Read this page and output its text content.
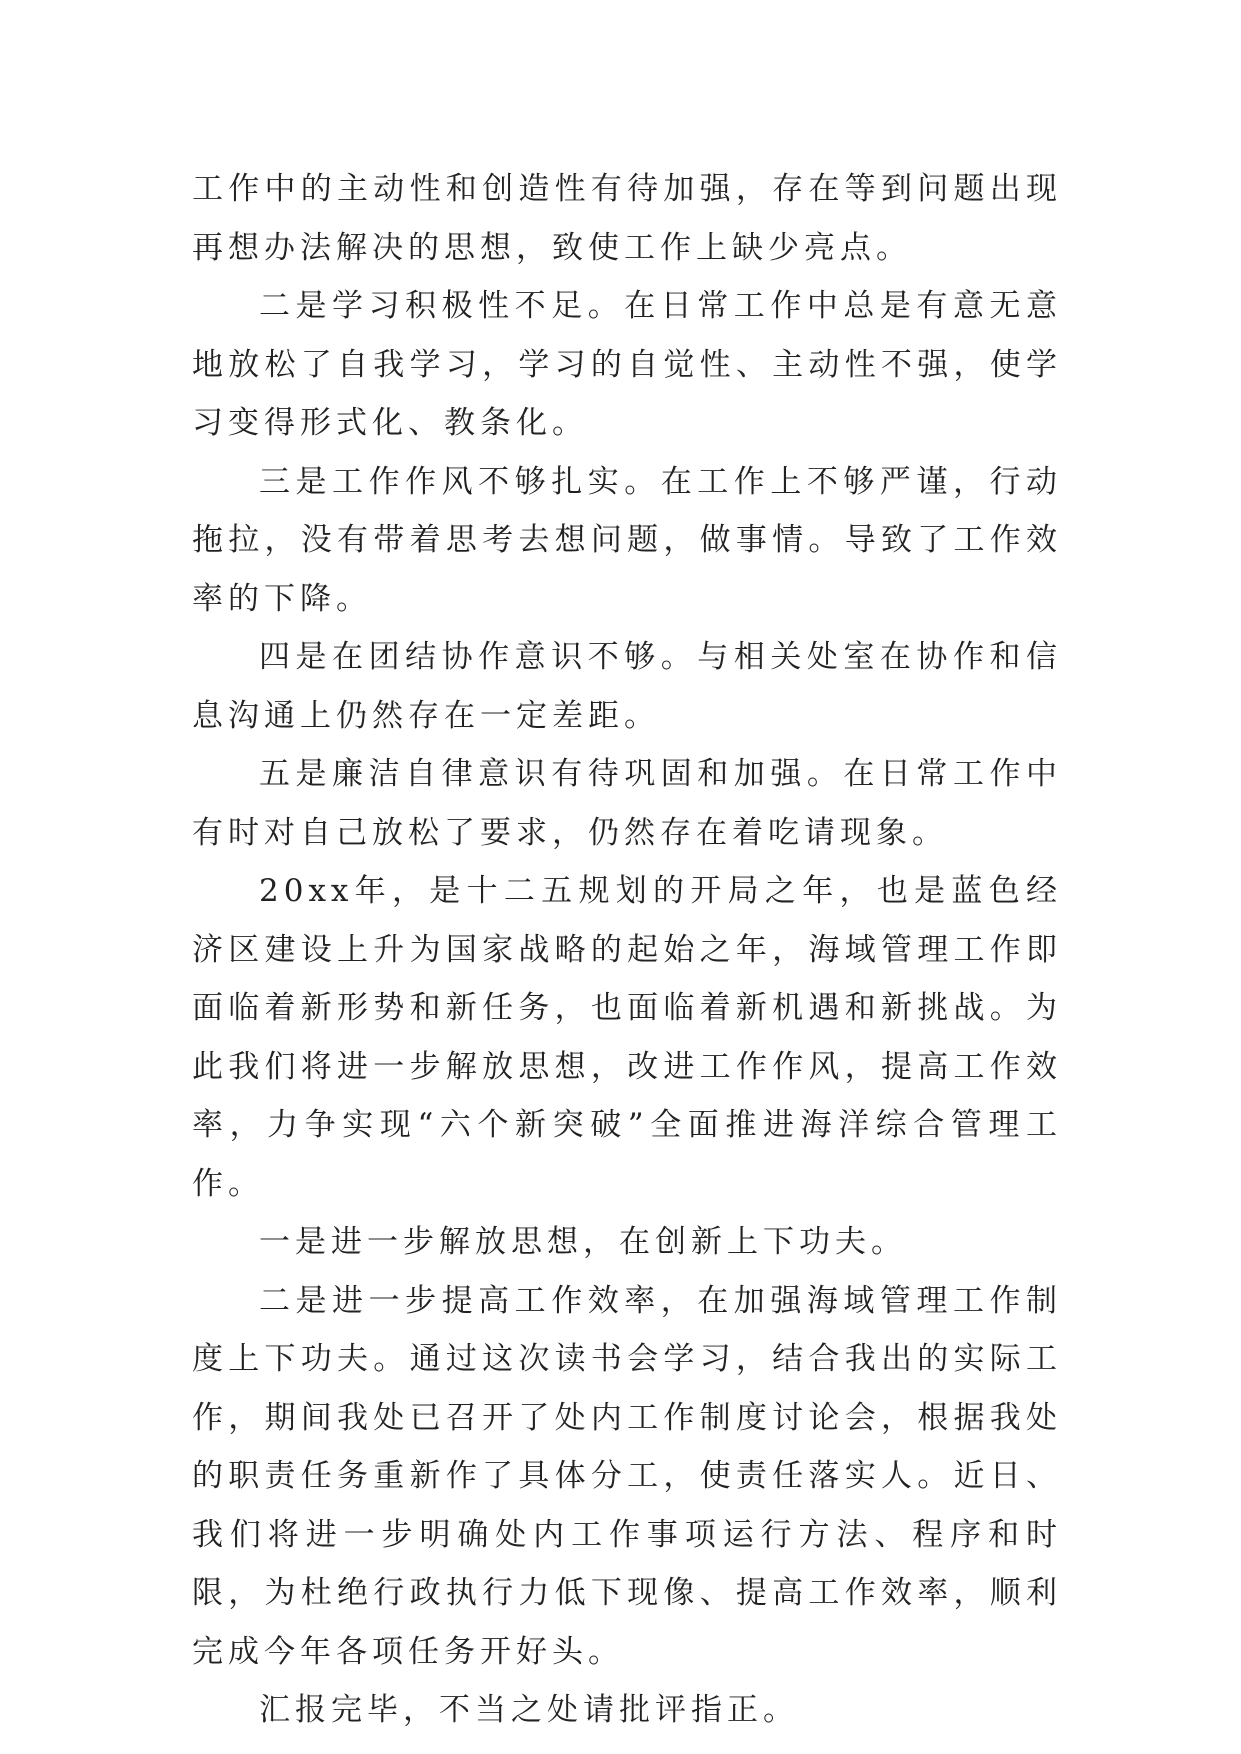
工作中的主动性和创造性有待加强，存在等到问题出现再想办法解决的思想，致使工作上缺少亮点。

二是学习积极性不足。在日常工作中总是有意无意地放松了自我学习，学习的自觉性、主动性不强，使学习变得形式化、教条化。

三是工作作风不够扎实。在工作上不够严谨，行动拖拉，没有带着思考去想问题，做事情。导致了工作效率的下降。

四是在团结协作意识不够。与相关处室在协作和信息沟通上仍然存在一定差距。

五是廉洁自律意识有待巩固和加强。在日常工作中有时对自己放松了要求，仍然存在着吃请现象。

20xx年，是十二五规划的开局之年，也是蓝色经济区建设上升为国家战略的起始之年，海域管理工作即面临着新形势和新任务，也面临着新机遇和新挑战。为此我们将进一步解放思想，改进工作作风，提高工作效率，力争实现“六个新突破”全面推进海洋综合管理工作。

一是进一步解放思想，在创新上下功夫。

二是进一步提高工作效率，在加强海域管理工作制度上下功夫。通过这次读书会学习，结合我出的实际工作，期间我处已召开了处内工作制度讨论会，根据我处的职责任务重新作了具体分工，使责任落实人。近日、我们将进一步明确处内工作事项运行方法、程序和时限，为杜绝行政执行力低下现像、提高工作效率，顺利完成今年各项任务开好头。

汇报完毕，不当之处请批评指正。
